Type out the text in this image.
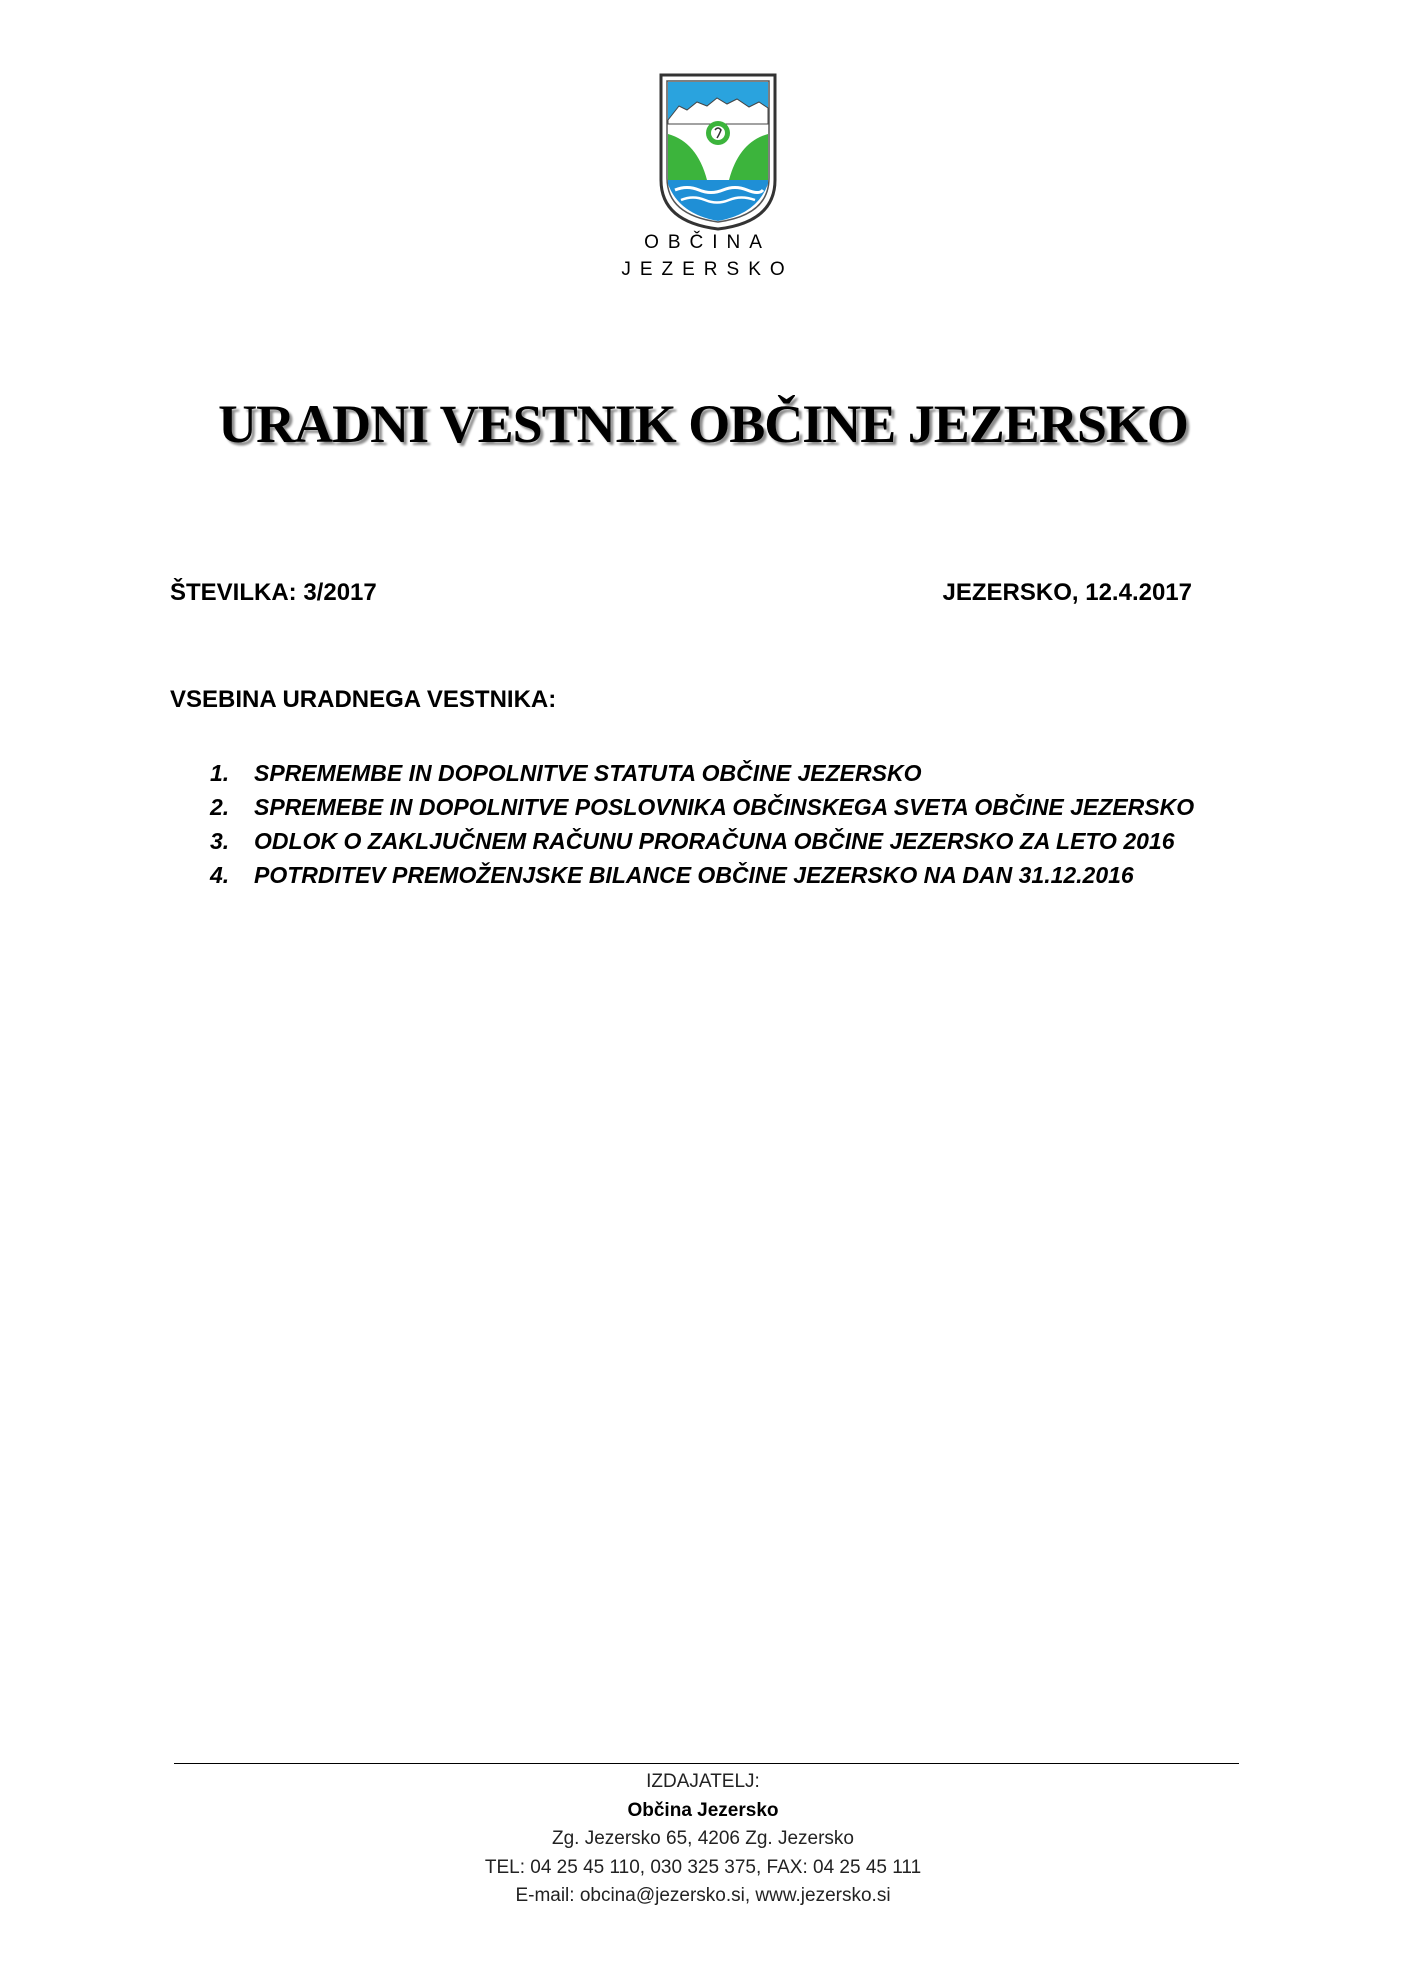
OBČINA
JEZERSKO
URADNI VESTNIK OBČINE JEZERSKO
ŠTEVILKA: 3/2017	JEZERSKO, 12.4.2017
VSEBINA URADNEGA VESTNIKA:
1. SPREMEMBE IN DOPOLNITVE STATUTA OBČINE JEZERSKO
2. SPREMEBE IN DOPOLNITVE POSLOVNIKA OBČINSKEGA SVETA OBČINE JEZERSKO
3. ODLOK O ZAKLJUČNEM RAČUNU PRORAČUNA OBČINE JEZERSKO ZA LETO 2016
4. POTRDITEV PREMOŽENJSKE BILANCE OBČINE JEZERSKO NA DAN 31.12.2016
IZDAJATELJ:
Občina Jezersko
Zg. Jezersko 65, 4206 Zg. Jezersko
TEL: 04 25 45 110, 030 325 375, FAX: 04 25 45 111
E-mail: obcina@jezersko.si, www.jezersko.si
